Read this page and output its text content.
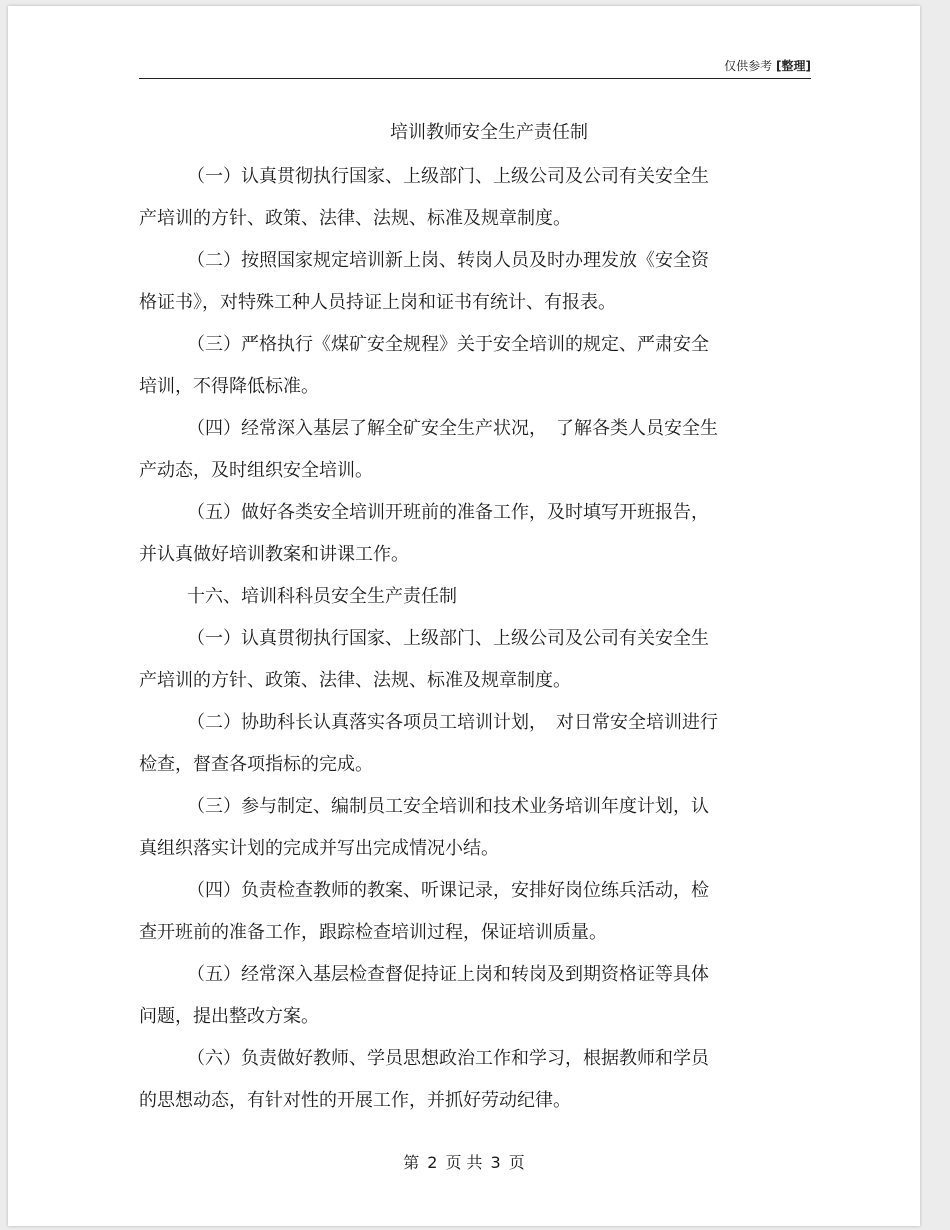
仅供参考 [整理]
培训教师安全生产责任制

（一）认真贯彻执行国家、上级部门、上级公司及公司有关安全生
产培训的方针、政策、法律、法规、标准及规章制度。

（二）按照国家规定培训新上岗、转岗人员及时办理发放《安全资
格证书》，对特殊工种人员持证上岗和证书有统计、有报表。

（三）严格执行《煤矿安全规程》关于安全培训的规定、严肃安全
培训，不得降低标准。

（四）经常深入基层了解全矿安全生产状况，　了解各类人员安全生
产动态，及时组织安全培训。

（五）做好各类安全培训开班前的准备工作，及时填写开班报告，
并认真做好培训教案和讲课工作。

十六、培训科科员安全生产责任制

（一）认真贯彻执行国家、上级部门、上级公司及公司有关安全生
产培训的方针、政策、法律、法规、标准及规章制度。

（二）协助科长认真落实各项员工培训计划，　对日常安全培训进行
检查，督查各项指标的完成。

（三）参与制定、编制员工安全培训和技术业务培训年度计划，认
真组织落实计划的完成并写出完成情况小结。

（四）负责检查教师的教案、听课记录，安排好岗位练兵活动，检
查开班前的准备工作，跟踪检查培训过程，保证培训质量。

（五）经常深入基层检查督促持证上岗和转岗及到期资格证等具体
问题，提出整改方案。

（六）负责做好教师、学员思想政治工作和学习，根据教师和学员
的思想动态，有针对性的开展工作，并抓好劳动纪律。

第 2 页 共 3 页
